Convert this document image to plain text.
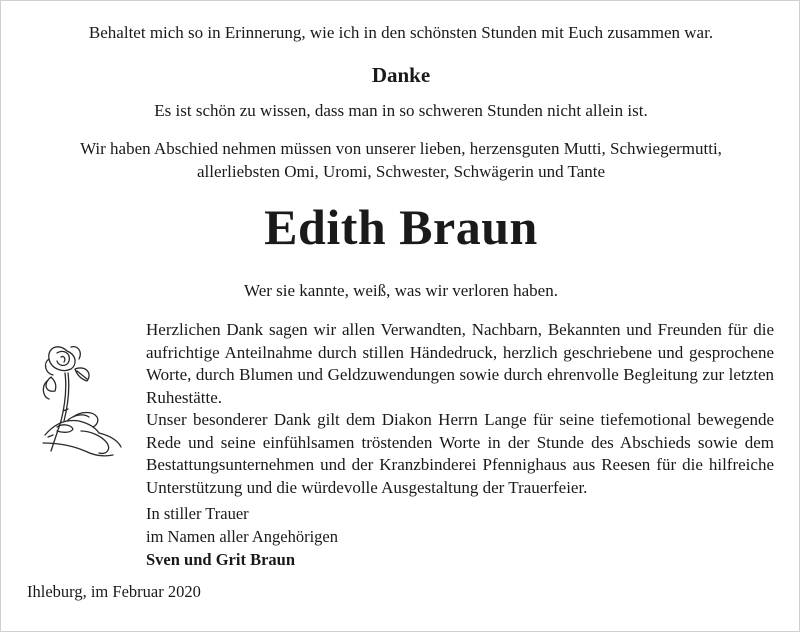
Behaltet mich so in Erinnerung, wie ich in den schönsten Stunden mit Euch zusammen war.
Danke
Es ist schön zu wissen, dass man in so schweren Stunden nicht allein ist.
Wir haben Abschied nehmen müssen von unserer lieben, herzensguten Mutti, Schwiegermutti,
allerliebsten Omi, Uromi, Schwester, Schwägerin und Tante
Edith Braun
Wer sie kannte, weiß, was wir verloren haben.

Herzlichen Dank sagen wir allen Verwandten, Nachbarn, Bekannten und Freunden für die aufrichtige Anteilnahme durch stillen Händedruck, herzlich geschriebene und gesprochene Worte, durch Blumen und Geldzuwendungen sowie durch ehrenvolle Begleitung zur letzten Ruhestätte.

Unser besonderer Dank gilt dem Diakon Herrn Lange für seine tiefemotional bewegende Rede und seine einfühlsamen tröstenden Worte in der Stunde des Abschieds sowie dem Bestattungsunternehmen und der Kranzbinderei Pfennighaus aus Reesen für die hilfreiche Unterstützung und die würdevolle Ausgestaltung der Trauerfeier.

In stiller Trauer
im Namen aller Angehörigen
Sven und Grit Braun
Ihleburg, im Februar 2020
